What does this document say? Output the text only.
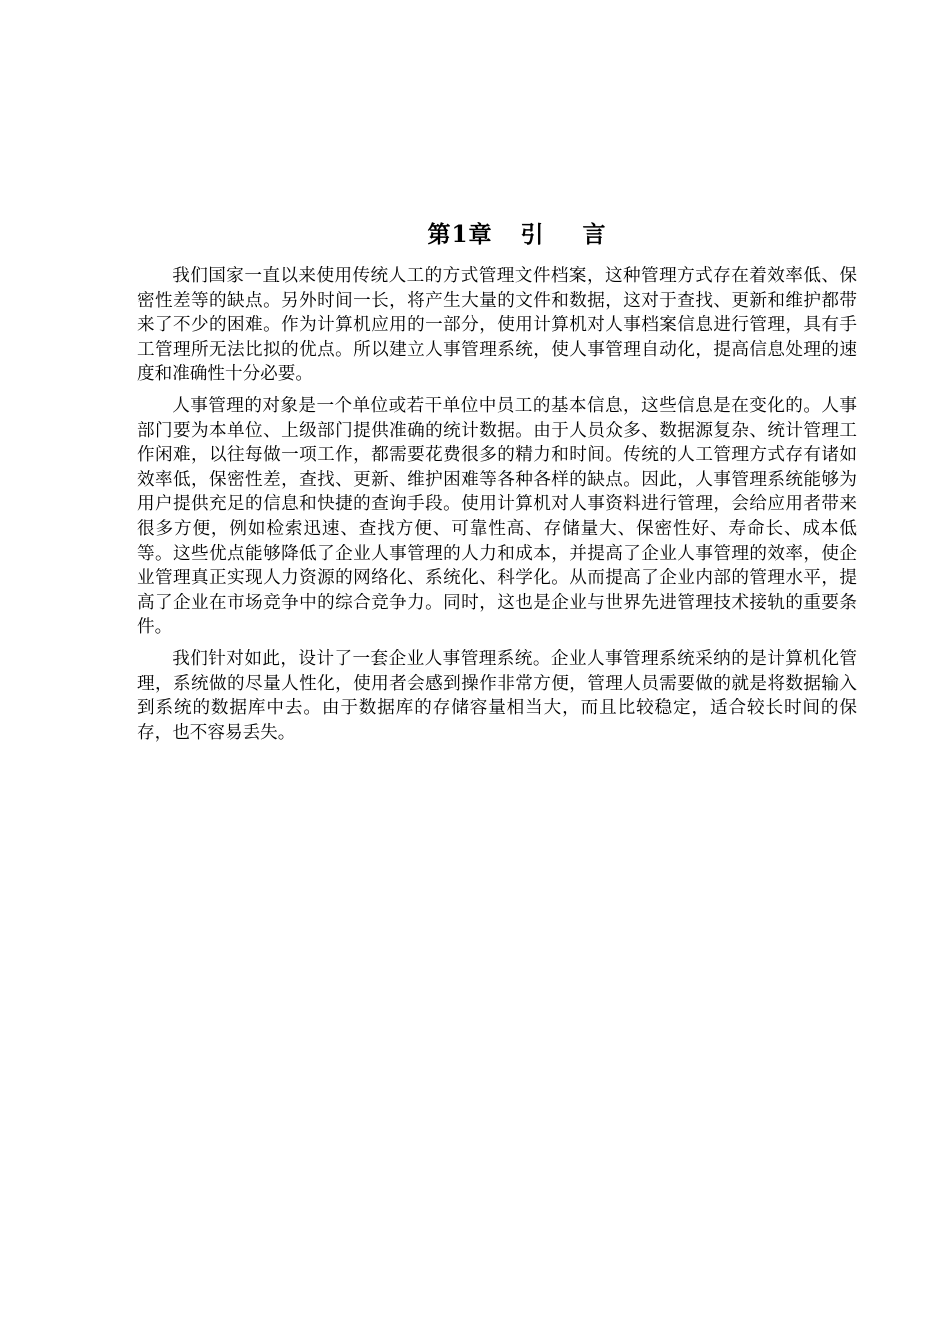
第1章 引 言

我们国家一直以来使用传统人工的方式管理文件档案，这种管理方式存在着效率低、保密性差等的缺点。另外时间一长，将产生大量的文件和数据，这对于查找、更新和维护都带来了不少的困难。作为计算机应用的一部分，使用计算机对人事档案信息进行管理，具有手工管理所无法比拟的优点。所以建立人事管理系统，使人事管理自动化，提高信息处理的速度和准确性十分必要。

人事管理的对象是一个单位或若干单位中员工的基本信息，这些信息是在变化的。人事部门要为本单位、上级部门提供准确的统计数据。由于人员众多、数据源复杂、统计管理工作闲难，以往每做一项工作，都需要花费很多的精力和时间。传统的人工管理方式存有诸如效率低，保密性差，查找、更新、维护困难等各种各样的缺点。因此，人事管理系统能够为用户提供充足的信息和快捷的查询手段。使用计算机对人事资料进行管理，会给应用者带来很多方便，例如检索迅速、查找方便、可靠性高、存储量大、保密性好、寿命长、成本低等。这些优点能够降低了企业人事管理的人力和成本，并提高了企业人事管理的效率，使企业管理真正实现人力资源的网络化、系统化、科学化。从而提高了企业内部的管理水平，提高了企业在市场竞争中的综合竞争力。同时，这也是企业与世界先进管理技术接轨的重要条件。

我们针对如此，设计了一套企业人事管理系统。企业人事管理系统采纳的是计算机化管理，系统做的尽量人性化，使用者会感到操作非常方便，管理人员需要做的就是将数据输入到系统的数据库中去。由于数据库的存储容量相当大，而且比较稳定，适合较长时间的保存，也不容易丢失。
